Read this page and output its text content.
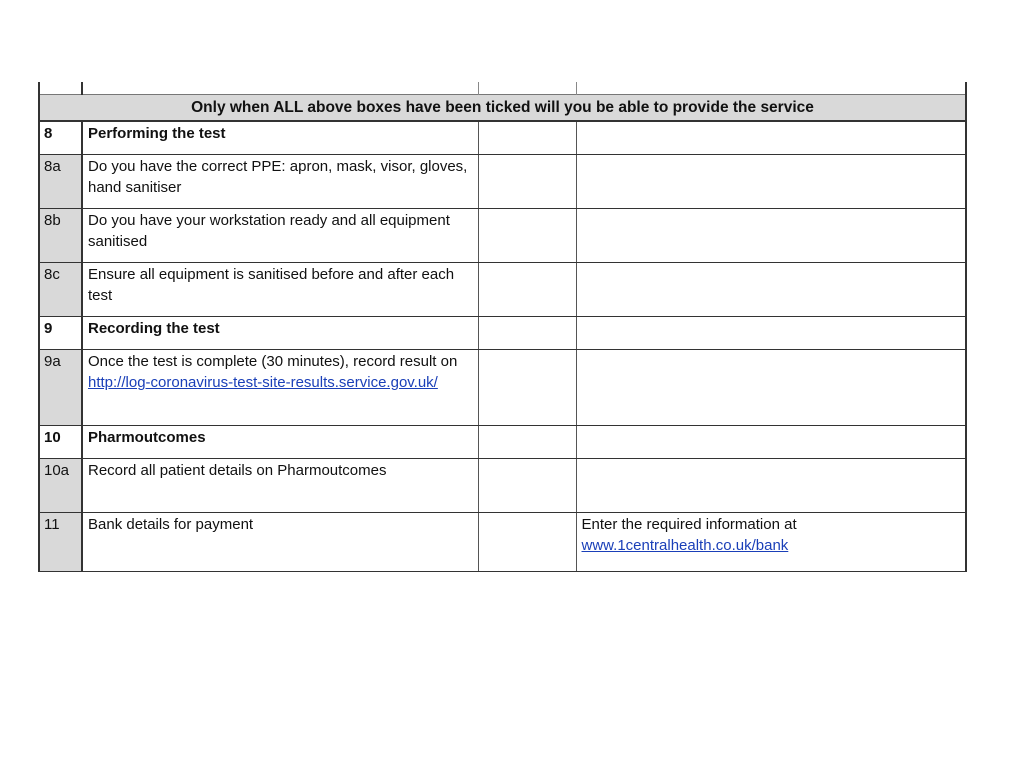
Only when ALL above boxes have been ticked will you be able to provide the service			
8	Performing the test		
8a	Do you have the correct PPE: apron, mask, visor, gloves, hand sanitiser		
8b	Do you have your workstation ready and all equipment sanitised		
8c	Ensure all equipment is sanitised before and after each test		
9	Recording the test		
9a	Once the test is complete (30 minutes), record result on http://log-coronavirus-test-site-results.service.gov.uk/		
10	Pharmoutcomes		
10a	Record all patient details on Pharmoutcomes		
11	Bank details for payment		Enter the required information at www.1centralhealth.co.uk/bank
